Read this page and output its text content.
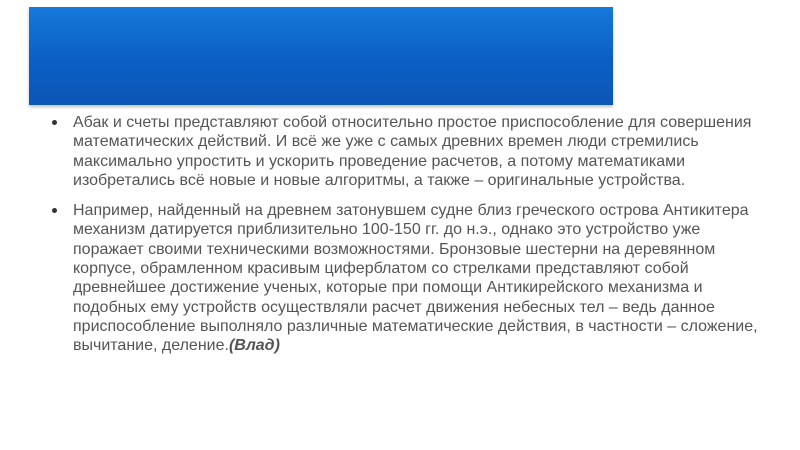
Абак и счеты представляют собой относительно простое приспособление для совершения математических действий. И всё же уже с самых древних времен люди стремились максимально упростить и ускорить проведение расчетов, а потому математиками изобретались всё новые и новые алгоритмы, а также – оригинальные устройства.
Например, найденный на древнем затонувшем судне близ греческого острова Антикитера механизм датируется приблизительно 100-150 гг. до н.э., однако это устройство уже поражает своими техническими возможностями. Бронзовые шестерни на деревянном корпусе, обрамленном красивым циферблатом со стрелками представляют собой древнейшее достижение ученых, которые при помощи Антикирейского механизма и подобных ему устройств осуществляли расчет движения небесных тел – ведь данное приспособление выполняло различные математические действия, в частности – сложение, вычитание, деление.(Влад)
